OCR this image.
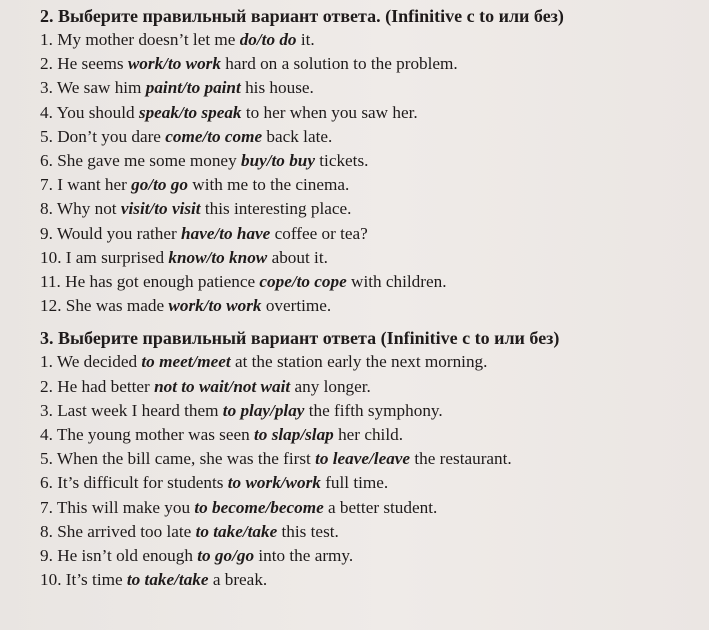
2. Выберите правильный вариант ответа. (Infinitive с to или без)
1. My mother doesn’t let me do/to do it.
2. He seems work/to work hard on a solution to the problem.
3. We saw him paint/to paint his house.
4. You should speak/to speak to her when you saw her.
5. Don’t you dare come/to come back late.
6. She gave me some money buy/to buy tickets.
7. I want her go/to go with me to the cinema.
8. Why not visit/to visit this interesting place.
9. Would you rather have/to have coffee or tea?
10. I am surprised know/to know about it.
11. He has got enough patience cope/to cope with children.
12. She was made work/to work overtime.
3. Выберите правильный вариант ответа (Infinitive с to или без)
1. We decided to meet/meet at the station early the next morning.
2. He had better not to wait/not wait any longer.
3. Last week I heard them to play/play the fifth symphony.
4. The young mother was seen to slap/slap her child.
5. When the bill came, she was the first to leave/leave the restaurant.
6. It’s difficult for students to work/work full time.
7. This will make you to become/become a better student.
8. She arrived too late to take/take this test.
9. He isn’t old enough to go/go into the army.
10. It’s time to take/take a break.
